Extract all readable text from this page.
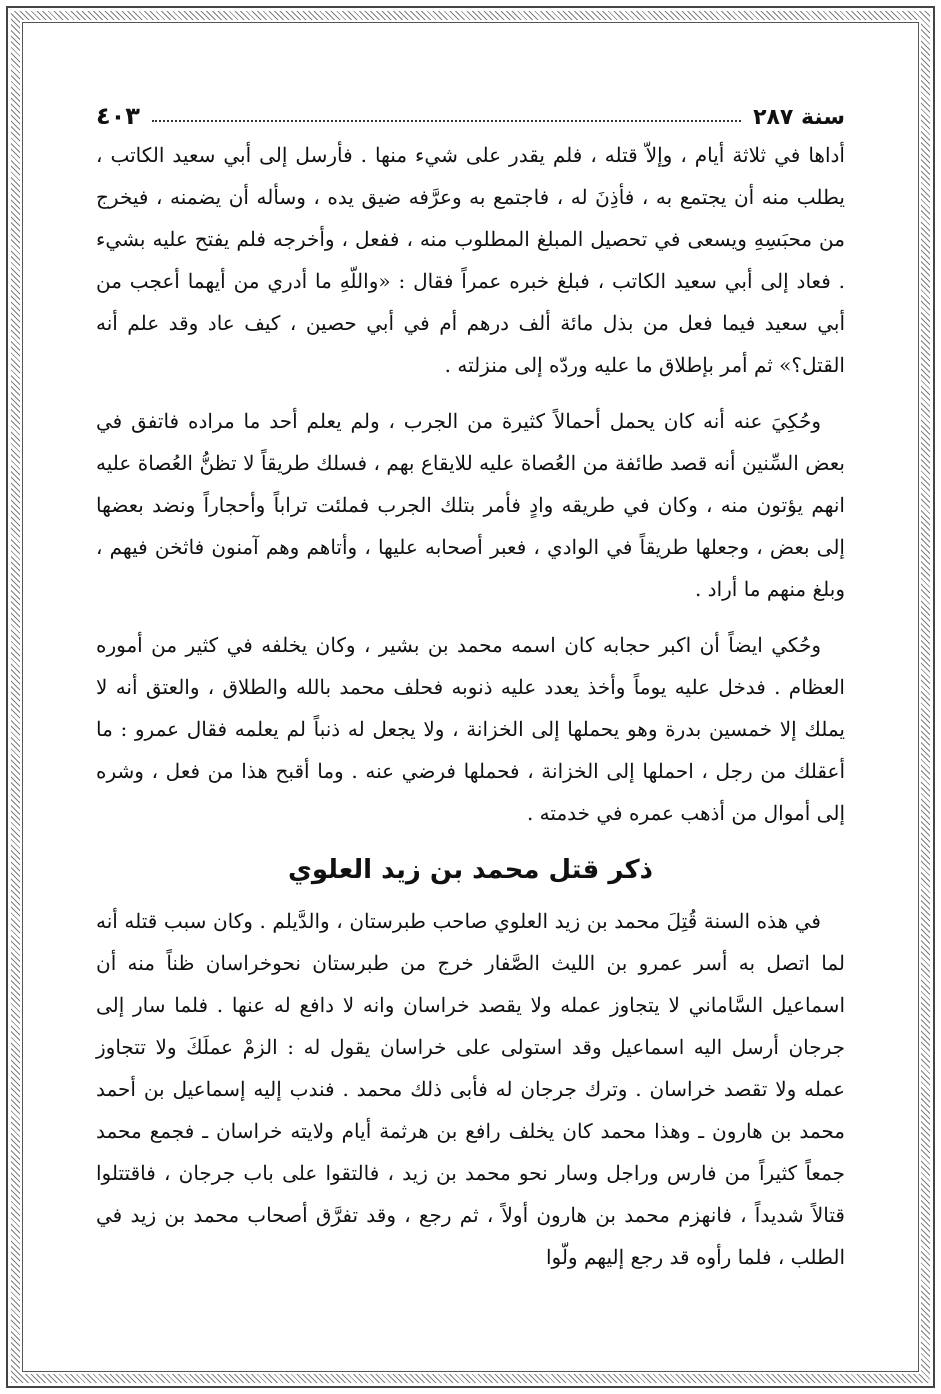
سنة ٢٨٧
٤٠٣

أداها في ثلاثة أيام ، وإلاّ قتله ، فلم يقدر على شيء منها . فأرسل إلى أبي سعيد الكاتب ، يطلب منه أن يجتمع به ، فأذِنَ له ، فاجتمع به وعرَّفه ضيق يده ، وسأله أن يضمنه ، فيخرج من محبَسِهِ ويسعى في تحصيل المبلغ المطلوب منه ، ففعل ، وأخرجه فلم يفتح عليه بشيء . فعاد إلى أبي سعيد الكاتب ، فبلغ خبره عمراً فقال : «واللّهِ ما أدري من أيهما أعجب من أبي سعيد فيما فعل من بذل مائة ألف درهم أم في أبي حصين ، كيف عاد وقد علم أنه القتل؟» ثم أمر بإطلاق ما عليه وردّه إلى منزلته .

وحُكِيَ عنه أنه كان يحمل أحمالاً كثيرة من الجرب ، ولم يعلم أحد ما مراده فاتفق في بعض السِّنين أنه قصد طائفة من العُصاة عليه للايقاع بهم ، فسلك طريقاً لا تظنُّ العُصاة عليه انهم يؤتون منه ، وكان في طريقه وادٍ فأمر بتلك الجرب فملئت تراباً وأحجاراً ونضد بعضها إلى بعض ، وجعلها طريقاً في الوادي ، فعبر أصحابه عليها ، وأتاهم وهم آمنون فاثخن فيهم ، وبلغ منهم ما أراد .

وحُكي ايضاً أن اكبر حجابه كان اسمه محمد بن بشير ، وكان يخلفه في كثير من أموره العظام . فدخل عليه يوماً وأخذ يعدد عليه ذنوبه فحلف محمد بالله والطلاق ، والعتق أنه لا يملك إلا خمسين بدرة وهو يحملها إلى الخزانة ، ولا يجعل له ذنباً لم يعلمه فقال عمرو : ما أعقلك من رجل ، احملها إلى الخزانة ، فحملها فرضي عنه . وما أقبح هذا من فعل ، وشره إلى أموال من أذهب عمره في خدمته .

ذكر قتل محمد بن زيد العلوي

في هذه السنة قُتِلَ محمد بن زيد العلوي صاحب طبرستان ، والدَّيلم . وكان سبب قتله أنه لما اتصل به أسر عمرو بن الليث الصَّفار خرج من طبرستان نحوخراسان ظناً منه أن اسماعيل السَّاماني لا يتجاوز عمله ولا يقصد خراسان وانه لا دافع له عنها . فلما سار إلى جرجان أرسل اليه اسماعيل وقد استولى على خراسان يقول له : الزمْ عملَكَ ولا تتجاوز عمله ولا تقصد خراسان . وترك جرجان له فأبى ذلك محمد . فندب إليه إسماعيل بن أحمد محمد بن هارون ـ وهذا محمد كان يخلف رافع بن هرثمة أيام ولايته خراسان ـ فجمع محمد جمعاً كثيراً من فارس وراجل وسار نحو محمد بن زيد ، فالتقوا على باب جرجان ، فاقتتلوا قتالاً شديداً ، فانهزم محمد بن هارون أولاً ، ثم رجع ، وقد تفرَّق أصحاب محمد بن زيد في الطلب ، فلما رأوه قد رجع إليهم ولّوا
